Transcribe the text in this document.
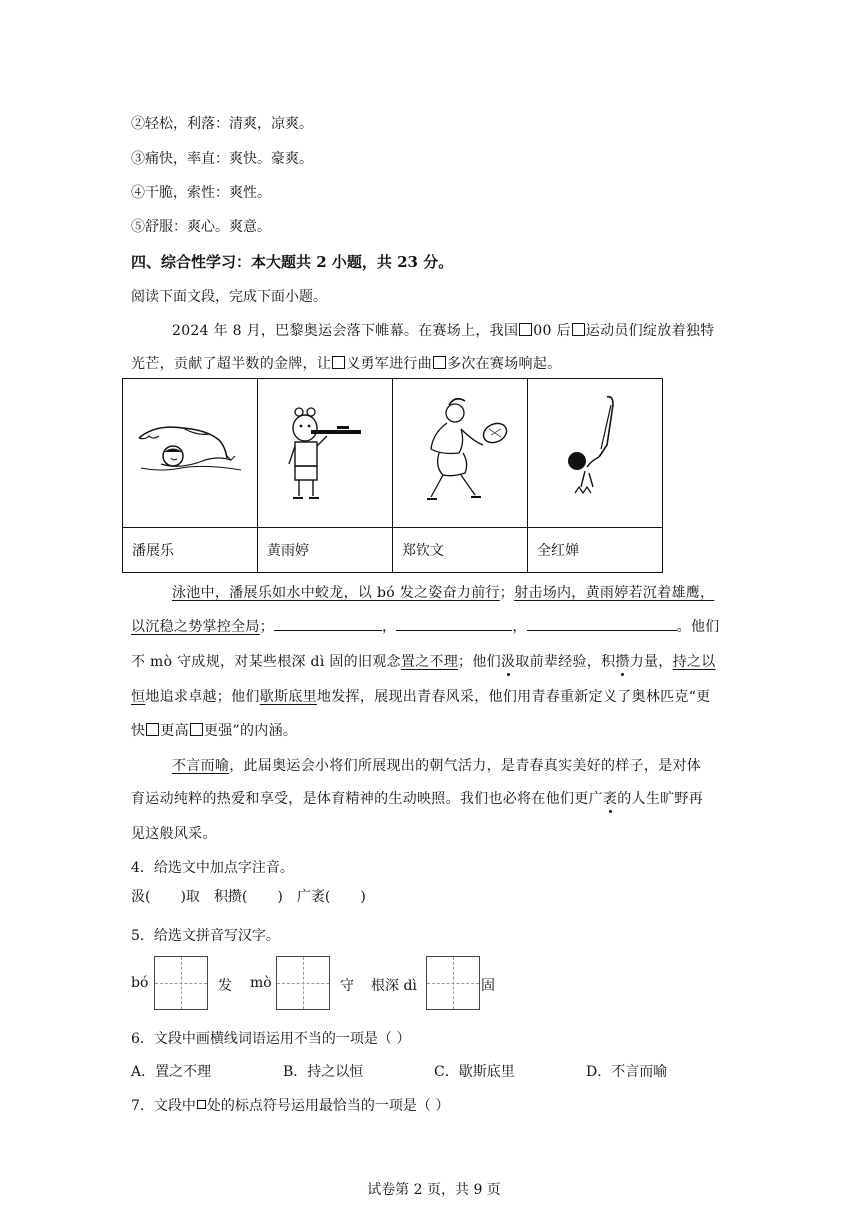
②轻松，利落：清爽，凉爽。
③痛快，率直：爽快。豪爽。
④干脆，索性：爽性。
⑤舒服：爽心。爽意。
四、综合性学习：本大题共 2 小题，共 23 分。
阅读下面文段，完成下面小题。
2024 年 8 月，巴黎奥运会落下帷幕。在赛场上，我国 00 后 运动员们绽放着独特
光芒，贡献了超半数的金牌，让 义勇军进行曲 多次在赛场响起。

潘展乐	黄雨婷	郑钦文	全红婵
泳池中，潘展乐如水中蛟龙，以 bó 发之姿奋力前行；射击场内，黄雨婷若沉着雄鹰，
以沉稳之势掌控全局；	，	，	。他们
不 mò 守成规，对某些根深 dì 固的旧观念置之不理；他们汲取前辈经验，积攒力量，持之以
恒地追求卓越；他们歇斯底里地发挥，展现出青春风采，他们用青春重新定义了奥林匹克“更
快 更高 更强”的内涵。
不言而喻，此届奥运会小将们所展现出的朝气活力，是青春真实美好的样子，是对体
育运动纯粹的热爱和享受，是体育精神的生动映照。我们也必将在他们更广袤的人生旷野再
见这般风采。
4．给选文中加点字注音。
汲( )取 积攒( ) 广袤( )
5．给选文拼音写汉字。
bó	发 mò	守 根深 dì	固
6．文段中画横线词语运用不当的一项是（ ）
A．置之不理	B．持之以恒	C．歇斯底里	D．不言而喻
7．文段中 处的标点符号运用最恰当的一项是（ ）
试卷第 2 页，共 9 页
